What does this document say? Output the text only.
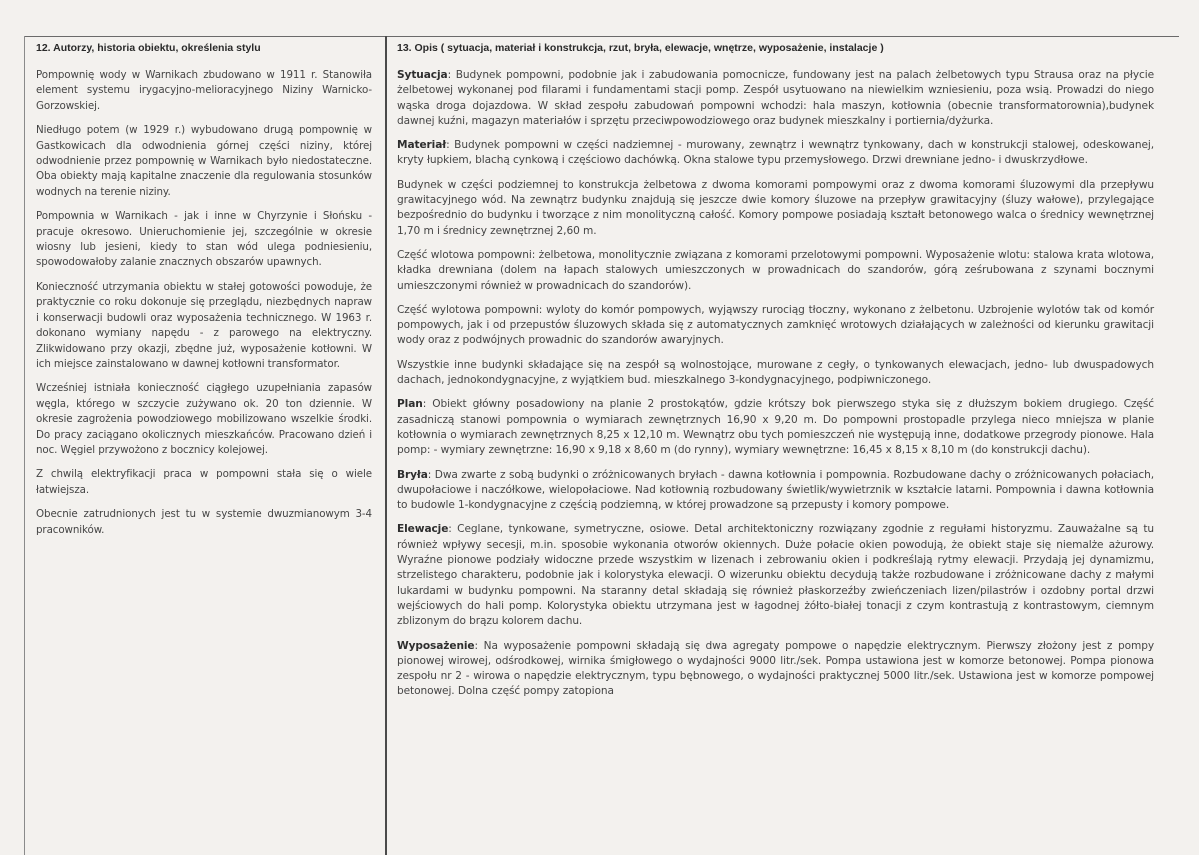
12. Autorzy, historia obiektu, określenia stylu

Pompownię wody w Warnikach zbudowano w 1911 r. Stanowiła element systemu irygacyjno-melioracyjnego Niziny Warnicko-Gorzowskiej.

Niedługo potem (w 1929 r.) wybudowano drugą pompownię w Gastkowicach dla odwodnienia górnej części niziny, której odwodnienie przez pompownię w Warnikach było niedostateczne. Oba obiekty mają kapitalne znaczenie dla regulowania stosunków wodnych na terenie niziny.

Pompownia w Warnikach - jak i inne w Chyrzynie i Słońsku - pracuje okresowo. Unieruchomienie jej, szczególnie w okresie wiosny lub jesieni, kiedy to stan wód ulega podniesieniu, spowodowałoby zalanie znacznych obszarów upawnych.

Konieczność utrzymania obiektu w stałej gotowości powoduje, że praktycznie co roku dokonuje się przeglądu, niezbędnych napraw i konserwacji budowli oraz wyposażenia technicznego. W 1963 r. dokonano wymiany napędu - z parowego na elektryczny. Zlikwidowano przy okazji, zbędne już, wyposażenie kotłowni. W ich miejsce zainstalowano w dawnej kotłowni transformator.

Wcześniej istniała konieczność ciągłego uzupełniania zapasów węgla, którego w szczycie zużywano ok. 20 ton dziennie. W okresie zagrożenia powodziowego mobilizowano wszelkie środki. Do pracy zaciągano okolicznych mieszkańców. Pracowano dzień i noc. Węgiel przywożono z bocznicy kolejowej.

Z chwilą elektryfikacji praca w pompowni stała się o wiele łatwiejsza.

Obecnie zatrudnionych jest tu w systemie dwuzmianowym 3-4 pracowników.

13. Opis ( sytuacja, materiał i konstrukcja, rzut, bryła, elewacje, wnętrze, wyposażenie, instalacje )

Sytuacja: Budynek pompowni, podobnie jak i zabudowania pomocnicze, fundowany jest na palach żelbetowych typu Strausa oraz na płycie żelbetowej wykonanej pod filarami i fundamentami stacji pomp. Zespół usytuowano na niewielkim wzniesieniu, poza wsią. Prowadzi do niego wąska droga dojazdowa. W skład zespołu zabudowań pompowni wchodzi: hala maszyn, kotłownia (obecnie transformatorownia),budynek dawnej kuźni, magazyn materiałów i sprzętu przeciwpowodziowego oraz budynek mieszkalny i portiernia/dyżurka.

Materiał: Budynek pompowni w części nadziemnej - murowany, zewnątrz i wewnątrz tynkowany, dach w konstrukcji stalowej, odeskowanej, kryty łupkiem, blachą cynkową i częściowo dachówką. Okna stalowe typu przemysłowego. Drzwi drewniane jedno- i dwuskrzydłowe.

Budynek w części podziemnej to konstrukcja żelbetowa z dwoma komorami pompowymi oraz z dwoma komorami śluzowymi dla przepływu grawitacyjnego wód. Na zewnątrz budynku znajdują się jeszcze dwie komory śluzowe na przepływ grawitacyjny (śluzy wałowe), przylegające bezpośrednio do budynku i tworzące z nim monolityczną całość. Komory pompowe posiadają kształt betonowego walca o średnicy wewnętrznej 1,70 m i średnicy zewnętrznej 2,60 m.

Część wlotowa pompowni: żelbetowa, monolitycznie związana z komorami przelotowymi pompowni. Wyposażenie wlotu: stalowa krata wlotowa, kładka drewniana (dolem na łapach stalowych umieszczonych w prowadnicach do szandorów, górą ześrubowana z szynami bocznymi umieszczonymi również w prowadnicach do szandorów).

Część wylotowa pompowni: wyloty do komór pompowych, wyjąwszy rurociąg tłoczny, wykonano z żelbetonu. Uzbrojenie wylotów tak od komór pompowych, jak i od przepustów śluzowych składa się z automatycznych zamknięć wrotowych działających w zależności od kierunku grawitacji wody oraz z podwójnych prowadnic do szandorów awaryjnych.

Wszystkie inne budynki składające się na zespół są wolnostojące, murowane z cegły, o tynkowanych elewacjach, jedno- lub dwuspadowych dachach, jednokondygnacyjne, z wyjątkiem bud. mieszkalnego 3-kondygnacyjnego, podpiwniczonego.

Plan: Obiekt główny posadowiony na planie 2 prostokątów, gdzie krótszy bok pierwszego styka się z dłuższym bokiem drugiego. Część zasadniczą stanowi pompownia o wymiarach zewnętrznych 16,90 x 9,20 m. Do pompowni prostopadle przylega nieco mniejsza w planie kotłownia o wymiarach zewnętrznych 8,25 x 12,10 m. Wewnątrz obu tych pomieszczeń nie występują inne, dodatkowe przegrody pionowe. Hala pomp: - wymiary zewnętrzne: 16,90 x 9,18 x 8,60 m (do rynny), wymiary wewnętrzne: 16,45 x 8,15 x 8,10 m (do konstrukcji dachu).

Bryła: Dwa zwarte z sobą budynki o zróżnicowanych bryłach - dawna kotłownia i pompownia. Rozbudowane dachy o zróżnicowanych połaciach, dwupołaciowe i naczółkowe, wielopołaciowe. Nad kotłownią rozbudowany świetlik/wywietrznik w kształcie latarni. Pompownia i dawna kotłownia to budowle 1-kondygnacyjne z częścią podziemną, w której prowadzone są przepusty i komory pompowe.

Elewacje: Ceglane, tynkowane, symetryczne, osiowe. Detal architektoniczny rozwiązany zgodnie z regułami historyzmu. Zauważalne są tu również wpływy secesji, m.in. sposobie wykonania otworów okiennych. Duże połacie okien powodują, że obiekt staje się niemalże ażurowy. Wyraźne pionowe podziały widoczne przede wszystkim w lizenach i zebrowaniu okien i podkreślają rytmy elewacji. Przydają jej dynamizmu, strzelistego charakteru, podobnie jak i kolorystyka elewacji. O wizerunku obiektu decydują także rozbudowane i zróżnicowane dachy z małymi lukardami w budynku pompowni. Na staranny detal składają się również płaskorzeźby zwieńczeniach lizen/pilastrów i ozdobny portal drzwi wejściowych do hali pomp. Kolorystyka obiektu utrzymana jest w łagodnej żółto-białej tonacji z czym kontrastują z kontrastowym, ciemnym zblizonym do brązu kolorem dachu.

Wyposażenie: Na wyposażenie pompowni składają się dwa agregaty pompowe o napędzie elektrycznym. Pierwszy złożony jest z pompy pionowej wirowej, odśrodkowej, wirnika śmigłowego o wydajności 9000 litr./sek. Pompa ustawiona jest w komorze betonowej. Pompa pionowa zespołu nr 2 - wirowa o napędzie elektrycznym, typu bębnowego, o wydajności praktycznej 5000 litr./sek. Ustawiona jest w komorze pompowej betonowej. Dolna część pompy zatopiona
